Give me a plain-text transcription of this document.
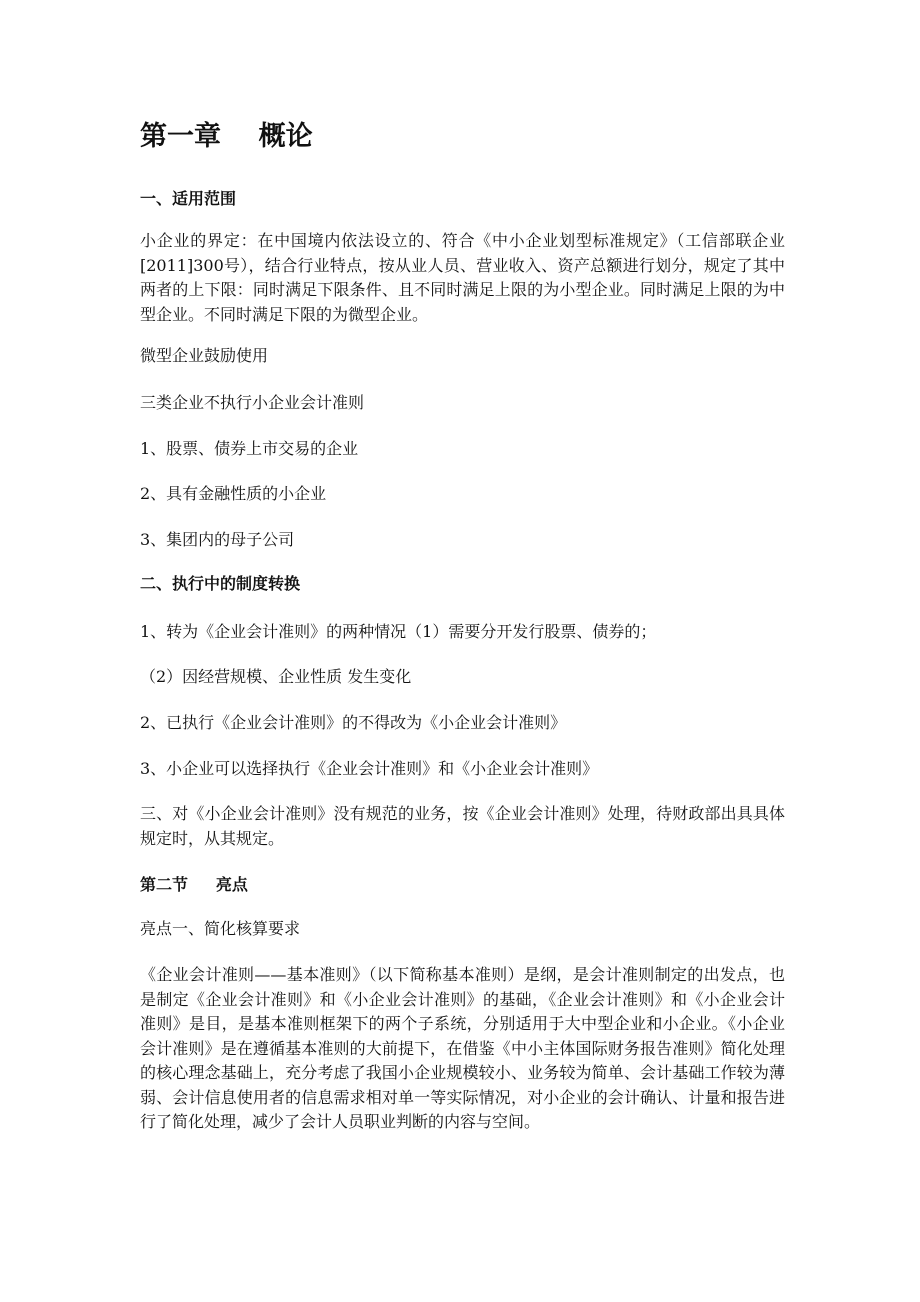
第一章    概论
一、适用范围

小企业的界定：在中国境内依法设立的、符合《中小企业划型标准规定》（工信部联企业[2011]300号），结合行业特点，按从业人员、营业收入、资产总额进行划分，规定了其中两者的上下限：同时满足下限条件、且不同时满足上限的为小型企业。同时满足上限的为中型企业。不同时满足下限的为微型企业。

微型企业鼓励使用

三类企业不执行小企业会计准则

1、股票、债券上市交易的企业

2、具有金融性质的小企业

3、集团内的母子公司

二、执行中的制度转换

1、转为《企业会计准则》的两种情况（1）需要分开发行股票、债券的；

（2）因经营规模、企业性质 发生变化

2、已执行《企业会计准则》的不得改为《小企业会计准则》

3、小企业可以选择执行《企业会计准则》和《小企业会计准则》

三、对《小企业会计准则》没有规范的业务，按《企业会计准则》处理，待财政部出具具体规定时，从其规定。

第二节     亮点

亮点一、简化核算要求

《企业会计准则——基本准则》（以下简称基本准则）是纲，是会计准则制定的出发点，也是制定《企业会计准则》和《小企业会计准则》的基础，《企业会计准则》和《小企业会计准则》是目，是基本准则框架下的两个子系统，分别适用于大中型企业和小企业。《小企业会计准则》是在遵循基本准则的大前提下，在借鉴《中小主体国际财务报告准则》简化处理的核心理念基础上，充分考虑了我国小企业规模较小、业务较为简单、会计基础工作较为薄弱、会计信息使用者的信息需求相对单一等实际情况，对小企业的会计确认、计量和报告进行了简化处理，减少了会计人员职业判断的内容与空间。
